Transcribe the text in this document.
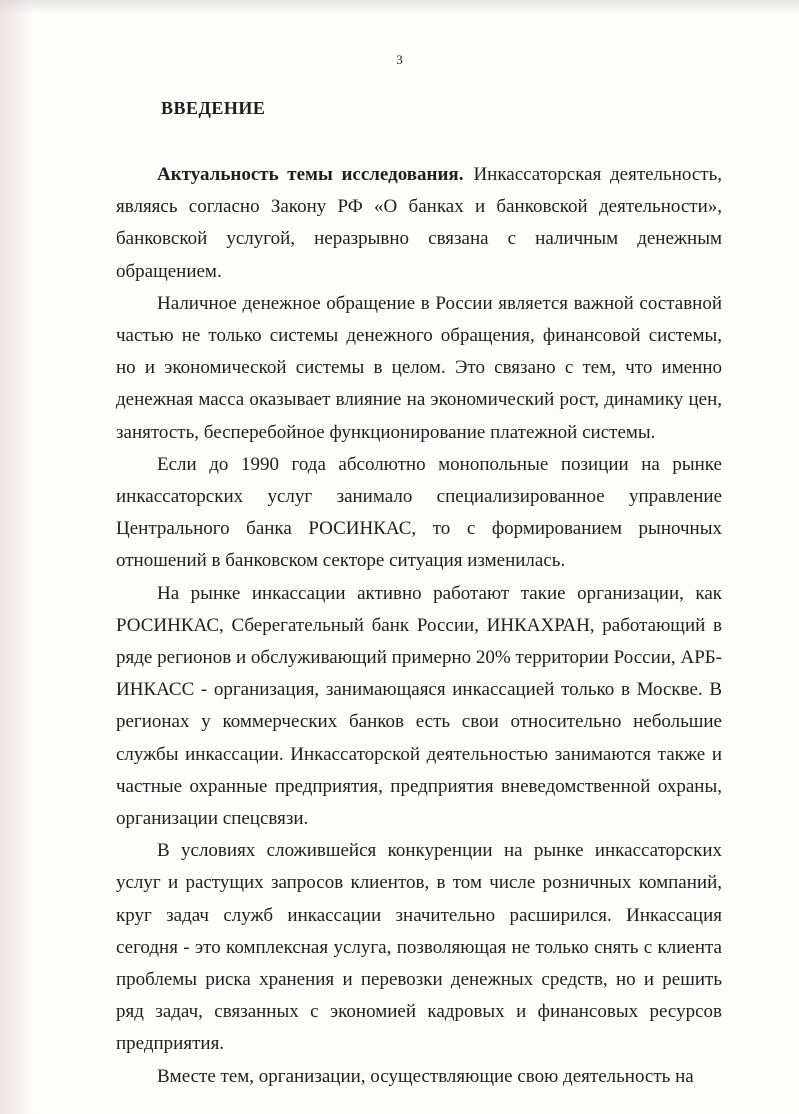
3
ВВЕДЕНИЕ

Актуальность темы исследования. Инкассаторская деятельность, являясь согласно Закону РФ «О банках и банковской деятельности», банковской услугой, неразрывно связана с наличным денежным обращением.

Наличное денежное обращение в России является важной составной частью не только системы денежного обращения, финансовой системы, но и экономической системы в целом. Это связано с тем, что именно денежная масса оказывает влияние на экономический рост, динамику цен, занятость, бесперебойное функционирование платежной системы.

Если до 1990 года абсолютно монопольные позиции на рынке инкассаторских услуг занимало специализированное управление Центрального банка РОСИНКАС, то с формированием рыночных отношений в банковском секторе ситуация изменилась.

На рынке инкассации активно работают такие организации, как РОСИНКАС, Сберегательный банк России, ИНКАХРАН, работающий в ряде регионов и обслуживающий примерно 20% территории России, АРБ-ИНКАСС - организация, занимающаяся инкассацией только в Москве. В регионах у коммерческих банков есть свои относительно небольшие службы инкассации. Инкассаторской деятельностью занимаются также и частные охранные предприятия, предприятия вневедомственной охраны, организации спецсвязи.

В условиях сложившейся конкуренции на рынке инкассаторских услуг и растущих запросов клиентов, в том числе розничных компаний, круг задач служб инкассации значительно расширился. Инкассация сегодня - это комплексная услуга, позволяющая не только снять с клиента проблемы риска хранения и перевозки денежных средств, но и решить ряд задач, связанных с экономией кадровых и финансовых ресурсов предприятия.

Вместе тем, организации, осуществляющие свою деятельность на
